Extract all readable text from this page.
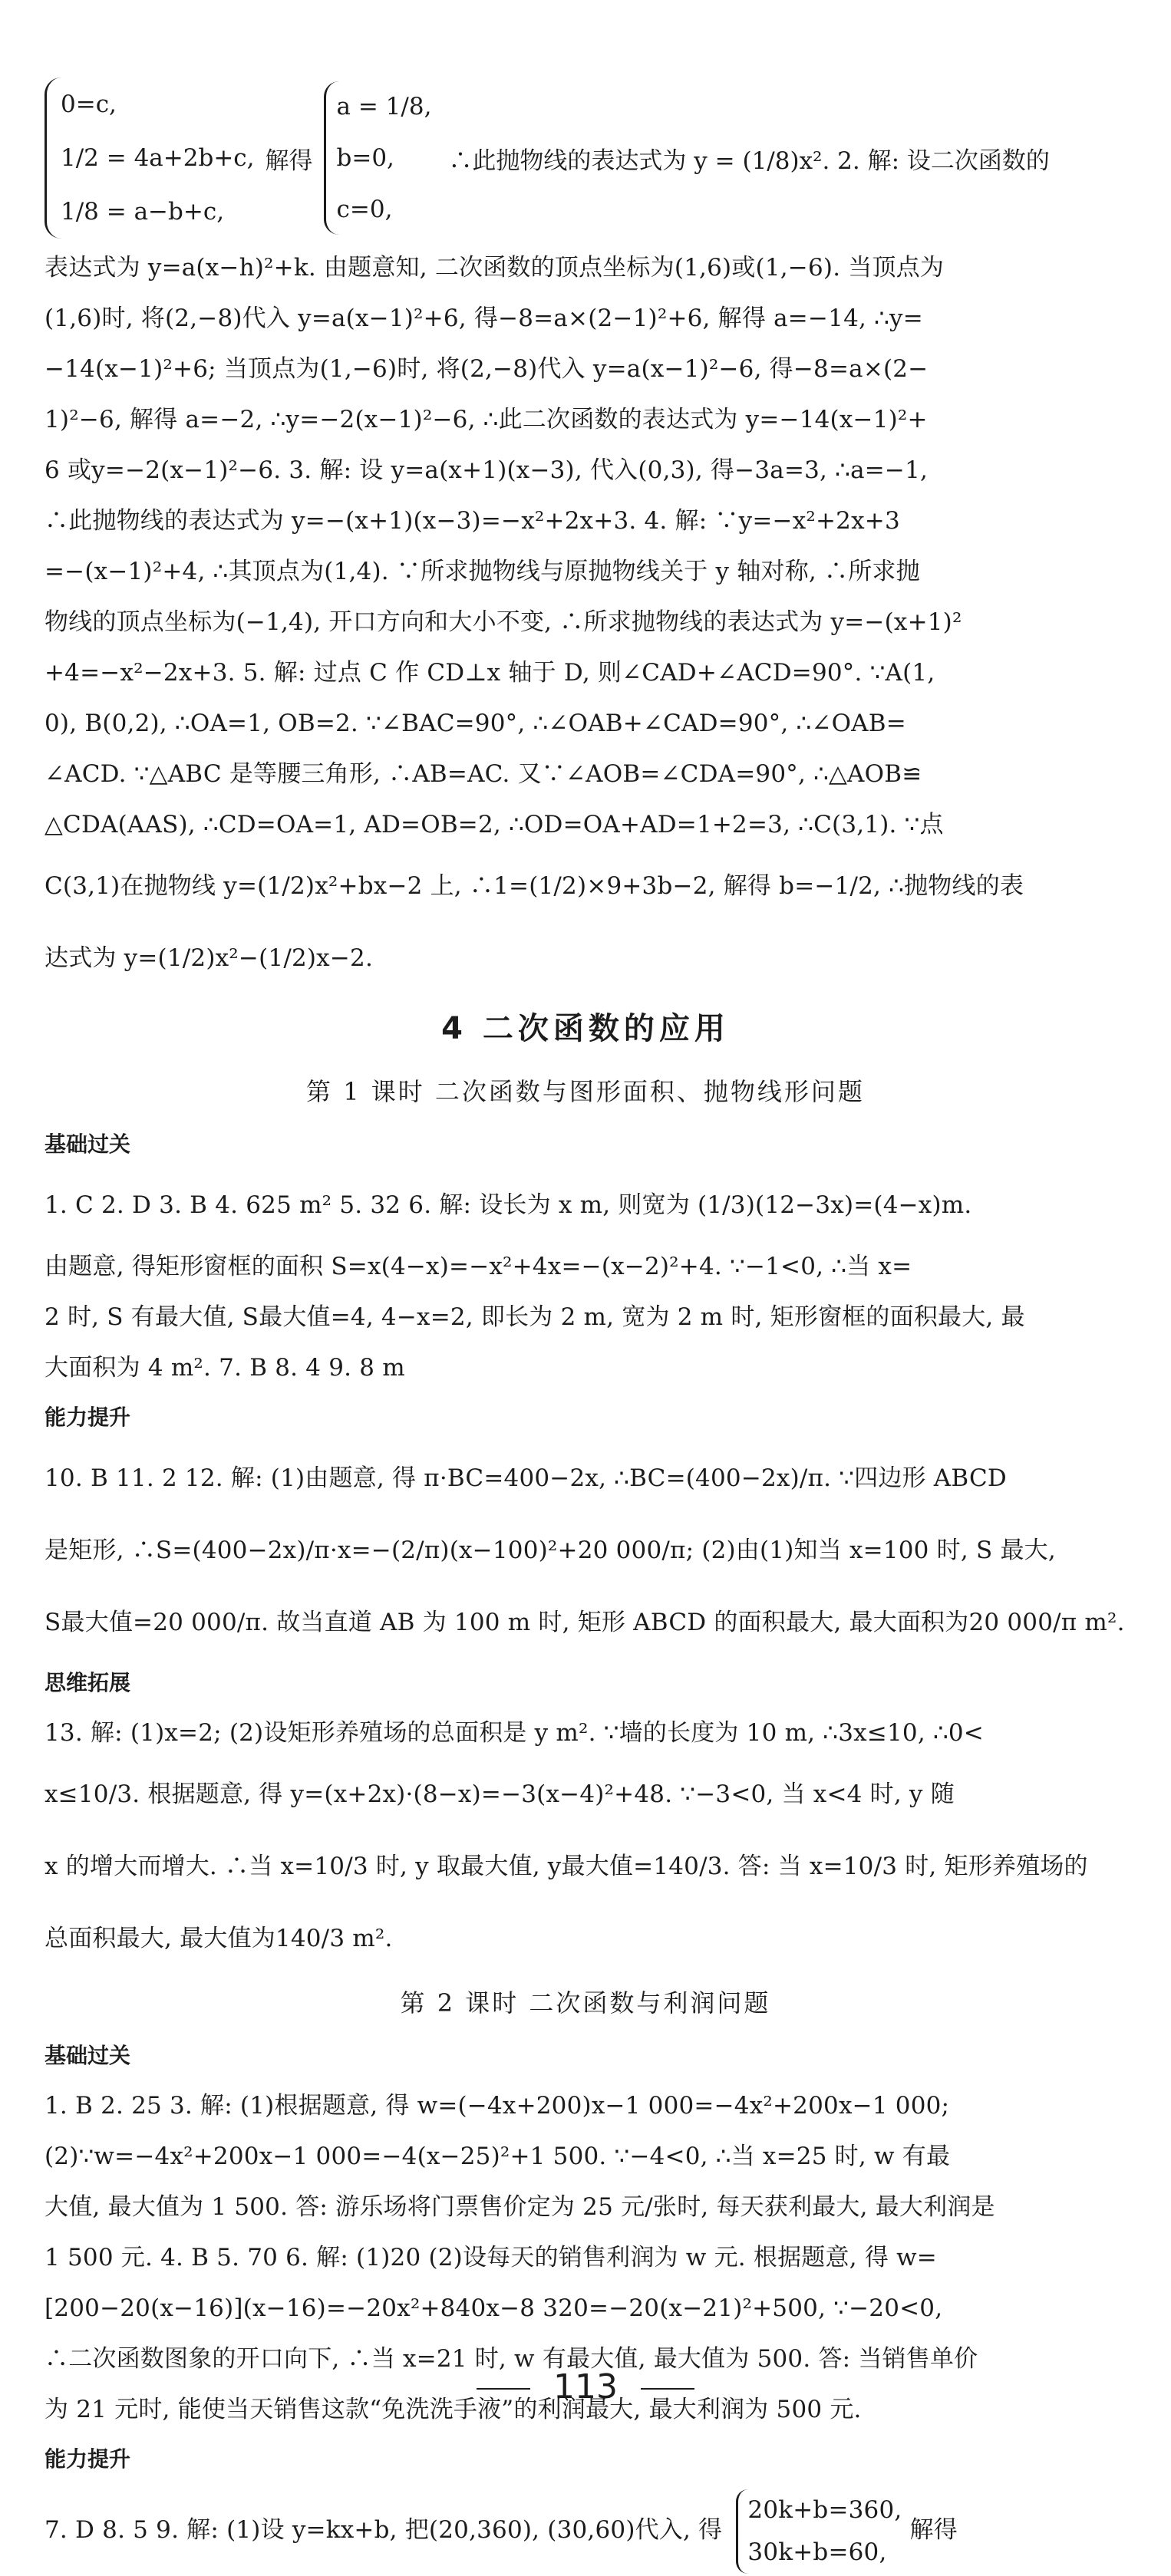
0=c,
1/2 = 4a+2b+c,
1/8 = a−b+c,
解得
a = 1/8,
b=0,
c=0,
∴此抛物线的表达式为 y = (1/8)x². 2. 解: 设二次函数的
表达式为 y=a(x−h)²+k. 由题意知, 二次函数的顶点坐标为(1,6)或(1,−6). 当顶点为
(1,6)时, 将(2,−8)代入 y=a(x−1)²+6, 得−8=a×(2−1)²+6, 解得 a=−14, ∴y=
−14(x−1)²+6; 当顶点为(1,−6)时, 将(2,−8)代入 y=a(x−1)²−6, 得−8=a×(2−
1)²−6, 解得 a=−2, ∴y=−2(x−1)²−6, ∴此二次函数的表达式为 y=−14(x−1)²+
6 或y=−2(x−1)²−6. 3. 解: 设 y=a(x+1)(x−3), 代入(0,3), 得−3a=3, ∴a=−1,
∴此抛物线的表达式为 y=−(x+1)(x−3)=−x²+2x+3. 4. 解: ∵y=−x²+2x+3
=−(x−1)²+4, ∴其顶点为(1,4). ∵所求抛物线与原抛物线关于 y 轴对称, ∴所求抛
物线的顶点坐标为(−1,4), 开口方向和大小不变, ∴所求抛物线的表达式为 y=−(x+1)²
+4=−x²−2x+3. 5. 解: 过点 C 作 CD⊥x 轴于 D, 则∠CAD+∠ACD=90°. ∵A(1,
0), B(0,2), ∴OA=1, OB=2. ∵∠BAC=90°, ∴∠OAB+∠CAD=90°, ∴∠OAB=
∠ACD. ∵△ABC 是等腰三角形, ∴AB=AC. 又∵∠AOB=∠CDA=90°, ∴△AOB≌
△CDA(AAS), ∴CD=OA=1, AD=OB=2, ∴OD=OA+AD=1+2=3, ∴C(3,1). ∵点
C(3,1)在抛物线 y=(1/2)x²+bx−2 上, ∴1=(1/2)×9+3b−2, 解得 b=−1/2, ∴抛物线的表
达式为 y=(1/2)x²−(1/2)x−2.
4 二次函数的应用
第 1 课时 二次函数与图形面积、抛物线形问题
基础过关
1. C 2. D 3. B 4. 625 m² 5. 32 6. 解: 设长为 x m, 则宽为 (1/3)(12−3x)=(4−x)m.
由题意, 得矩形窗框的面积 S=x(4−x)=−x²+4x=−(x−2)²+4. ∵−1<0, ∴当 x=
2 时, S 有最大值, S最大值=4, 4−x=2, 即长为 2 m, 宽为 2 m 时, 矩形窗框的面积最大, 最
大面积为 4 m². 7. B 8. 4 9. 8 m
能力提升
10. B 11. 2 12. 解: (1)由题意, 得 π·BC=400−2x, ∴BC=(400−2x)/π. ∵四边形 ABCD
是矩形, ∴S=(400−2x)/π·x=−(2/π)(x−100)²+20 000/π; (2)由(1)知当 x=100 时, S 最大,
S最大值=20 000/π. 故当直道 AB 为 100 m 时, 矩形 ABCD 的面积最大, 最大面积为20 000/π m².
思维拓展
13. 解: (1)x=2; (2)设矩形养殖场的总面积是 y m². ∵墙的长度为 10 m, ∴3x≤10, ∴0<
x≤10/3. 根据题意, 得 y=(x+2x)·(8−x)=−3(x−4)²+48. ∵−3<0, 当 x<4 时, y 随
x 的增大而增大. ∴当 x=10/3 时, y 取最大值, y最大值=140/3. 答: 当 x=10/3 时, 矩形养殖场的
总面积最大, 最大值为140/3 m².
第 2 课时 二次函数与利润问题
基础过关
1. B 2. 25 3. 解: (1)根据题意, 得 w=(−4x+200)x−1 000=−4x²+200x−1 000;
(2)∵w=−4x²+200x−1 000=−4(x−25)²+1 500. ∵−4<0, ∴当 x=25 时, w 有最
大值, 最大值为 1 500. 答: 游乐场将门票售价定为 25 元/张时, 每天获利最大, 最大利润是
1 500 元. 4. B 5. 70 6. 解: (1)20 (2)设每天的销售利润为 w 元. 根据题意, 得 w=
[200−20(x−16)](x−16)=−20x²+840x−8 320=−20(x−21)²+500, ∵−20<0,
∴二次函数图象的开口向下, ∴当 x=21 时, w 有最大值, 最大值为 500. 答: 当销售单价
为 21 元时, 能使当天销售这款“免洗洗手液”的利润最大, 最大利润为 500 元.
能力提升
7. D 8. 5 9. 解: (1)设 y=kx+b, 把(20,360), (30,60)代入, 得
20k+b=360,
30k+b=60,
解得
113
